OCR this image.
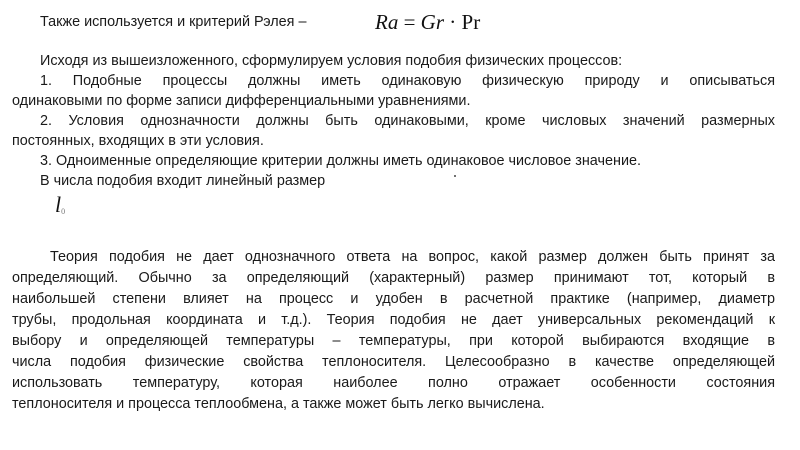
Также используется и критерий Рэлея –	Ra = Gr · Pr
Исходя из вышеизложенного, сформулируем условия подобия физических процессов:
1. Подобные процессы должны иметь одинаковую физическую природу и описываться
одинаковыми по форме записи дифференциальными уравнениями.
2. Условия однозначности должны быть одинаковыми, кроме числовых значений размерных
постоянных, входящих в эти условия.
3. Одноименные определяющие критерии должны иметь одинаковое числовое значение.
В числа подобия входит линейный размер
l0
Теория подобия не дает однозначного ответа на вопрос, какой размер должен быть принят за
определяющий. Обычно за определяющий (характерный) размер принимают тот, который в
наибольшей степени влияет на процесс и удобен в расчетной практике (например, диаметр
трубы, продольная координата и т.д.). Теория подобия не дает универсальных рекомендаций к
выбору и определяющей температуры – температуры, при которой выбираются входящие в
числа подобия физические свойства теплоносителя. Целесообразно в качестве определяющей
использовать температуру, которая наиболее полно отражает особенности состояния
теплоносителя и процесса теплообмена, а также может быть легко вычислена.
